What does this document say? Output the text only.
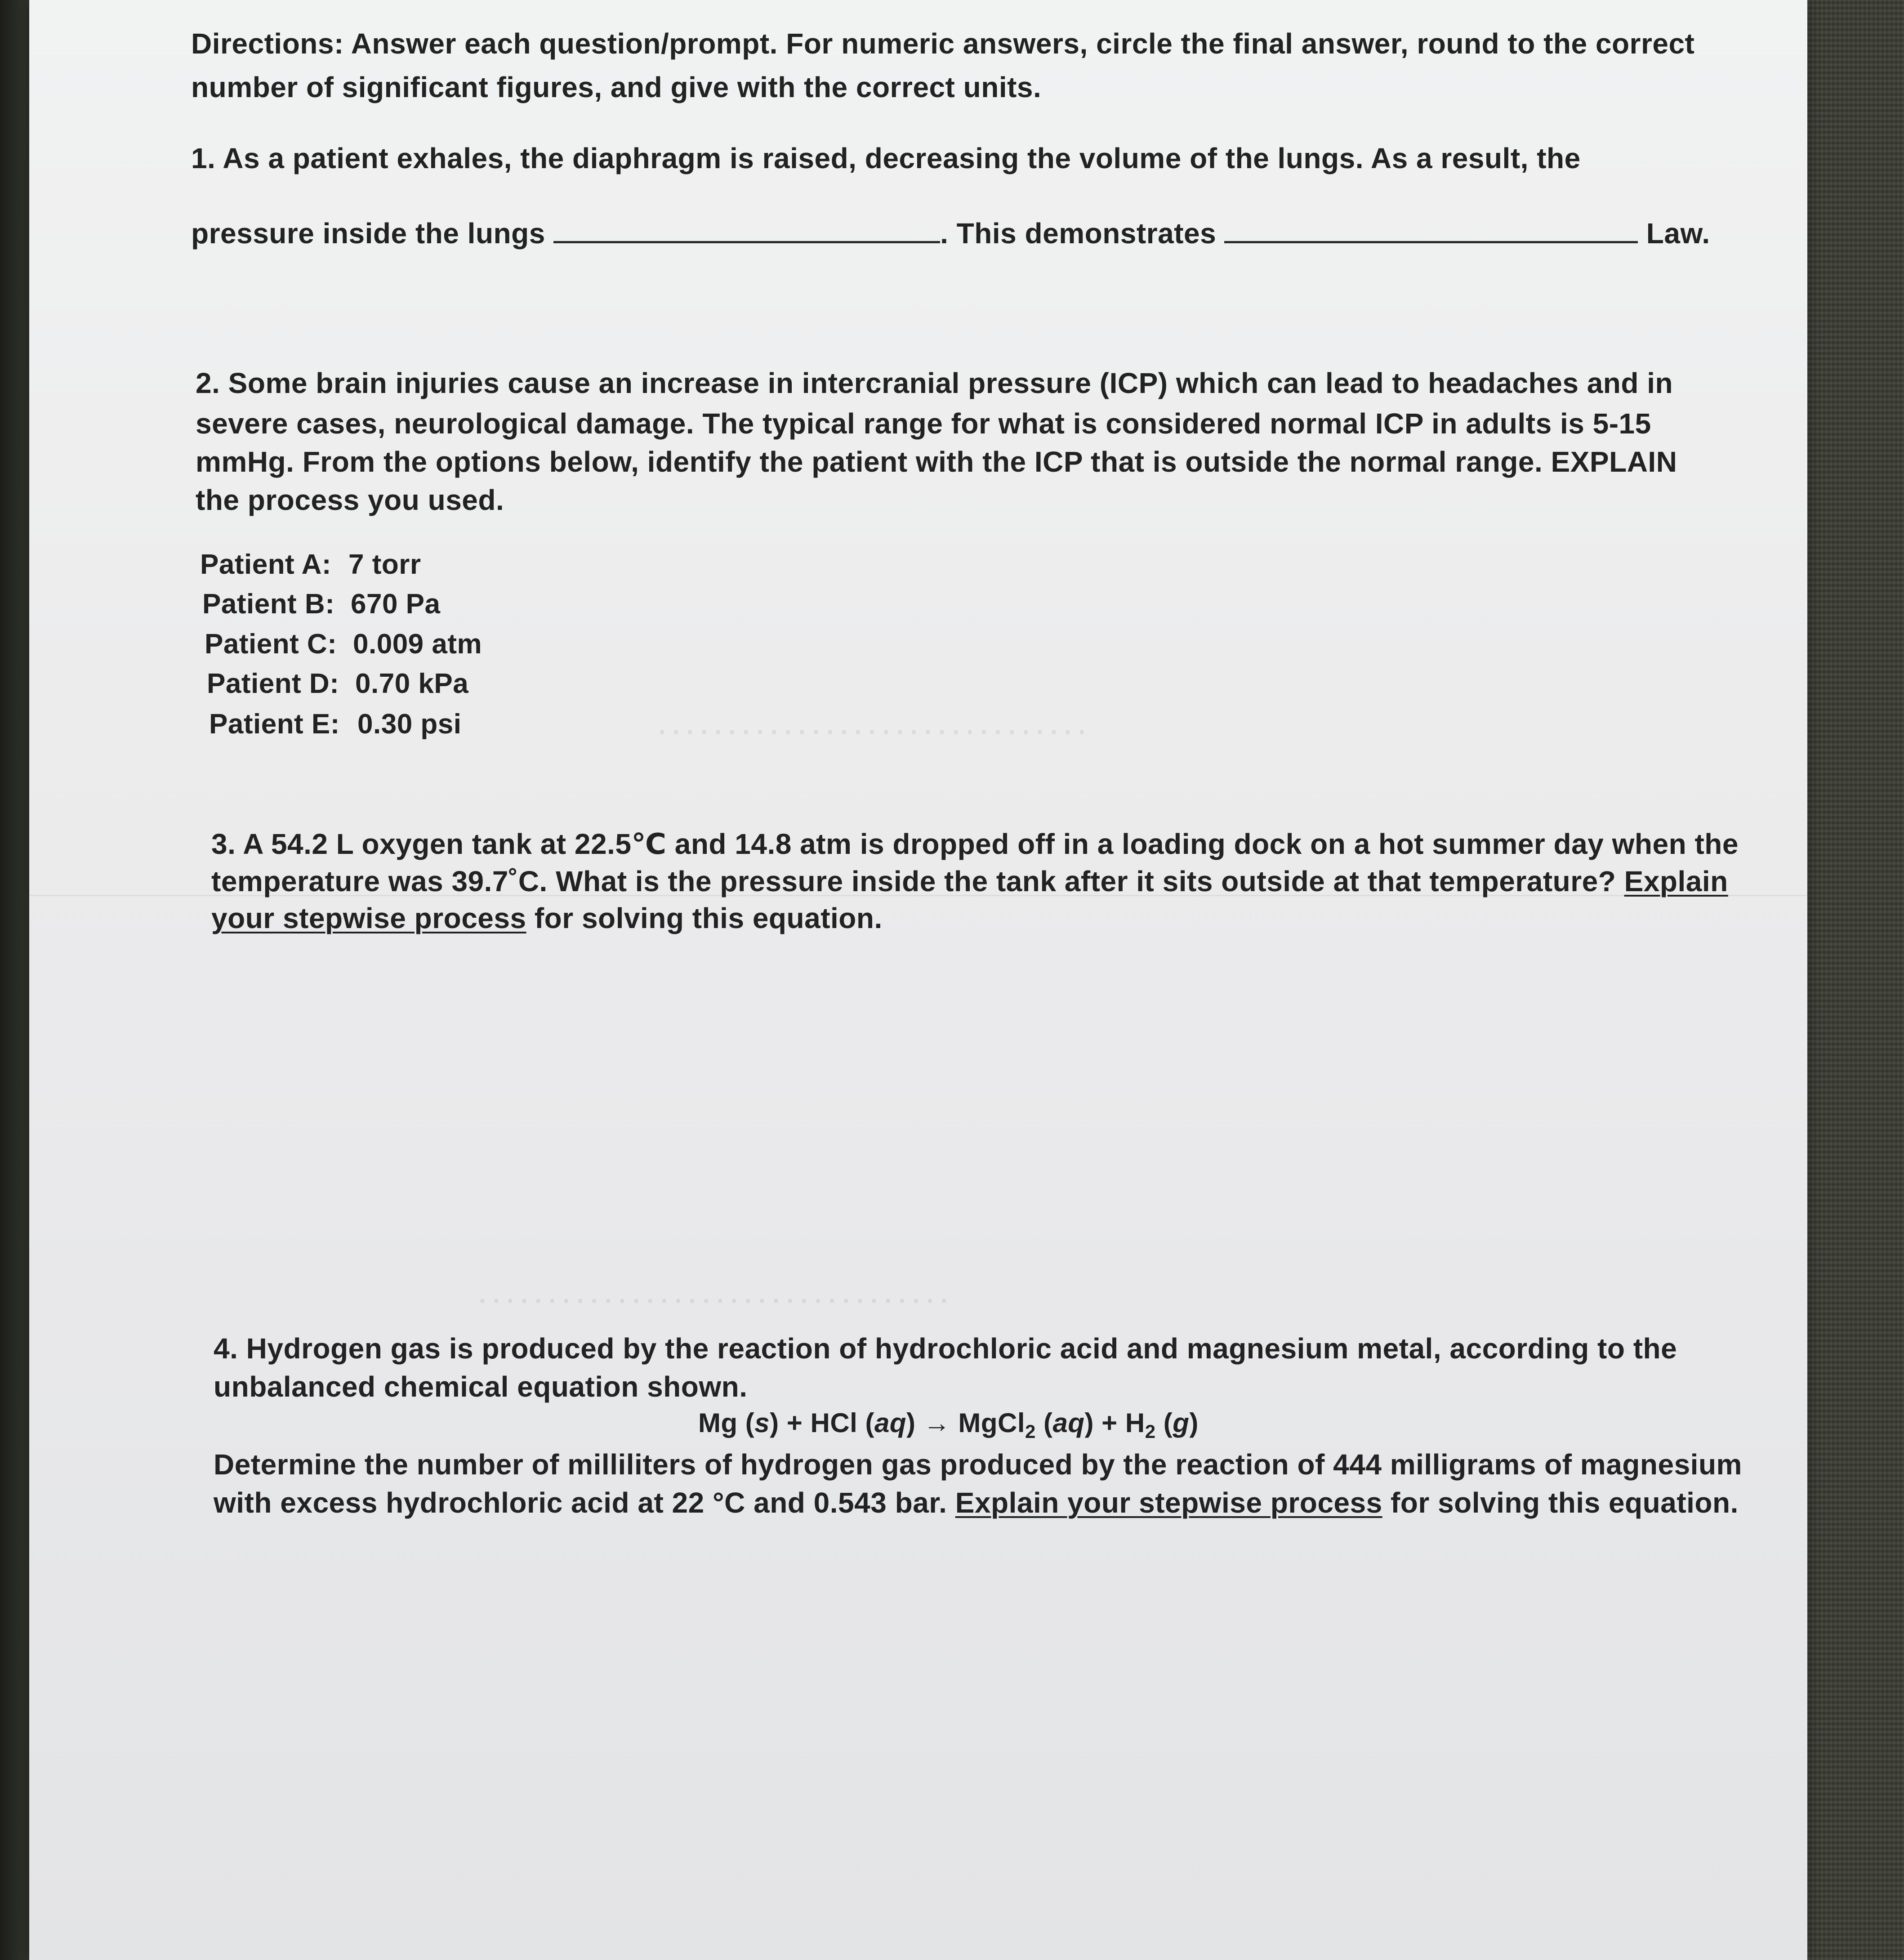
∙ ∙ ∙ ∙ ∙ ∙ ∙ ∙ ∙ ∙ ∙ ∙ ∙ ∙ ∙ ∙ ∙ ∙ ∙ ∙ ∙ ∙ ∙ ∙ ∙ ∙ ∙ ∙ ∙ ∙ ∙
∙ ∙ ∙ ∙ ∙ ∙ ∙ ∙ ∙ ∙ ∙ ∙ ∙ ∙ ∙ ∙ ∙ ∙ ∙ ∙ ∙ ∙ ∙ ∙ ∙ ∙ ∙ ∙ ∙ ∙ ∙ ∙ ∙ ∙
Directions: Answer each question/prompt. For numeric answers, circle the final answer, round to the correct
number of significant figures, and give with the correct units.
1. As a patient exhales, the diaphragm is raised, decreasing the volume of the lungs. As a result, the
pressure inside the lungs	. This demonstrates	Law.
2. Some brain injuries cause an increase in intercranial pressure (ICP) which can lead to headaches and in
severe cases, neurological damage. The typical range for what is considered normal ICP in adults is 5-15
mmHg. From the options below, identify the patient with the ICP that is outside the normal range. EXPLAIN
the process you used.
Patient A: 7 torr
Patient B: 670 Pa
Patient C: 0.009 atm
Patient D: 0.70 kPa
Patient E: 0.30 psi
3. A 54.2 L oxygen tank at 22.5℃ and 14.8 atm is dropped off in a loading dock on a hot summer day when the
temperature was 39.7˚C. What is the pressure inside the tank after it sits outside at that temperature? Explain
your stepwise process for solving this equation.
4. Hydrogen gas is produced by the reaction of hydrochloric acid and magnesium metal, according to the
unbalanced chemical equation shown.
Mg (s) + HCl (aq) → MgCl$_2$ $(aq) + H_2$ (g)
Determine the number of milliliters of hydrogen gas produced by the reaction of 444 milligrams of magnesium
with excess hydrochloric acid at 22 °C and 0.543 bar. Explain your stepwise process for solving this equation.
